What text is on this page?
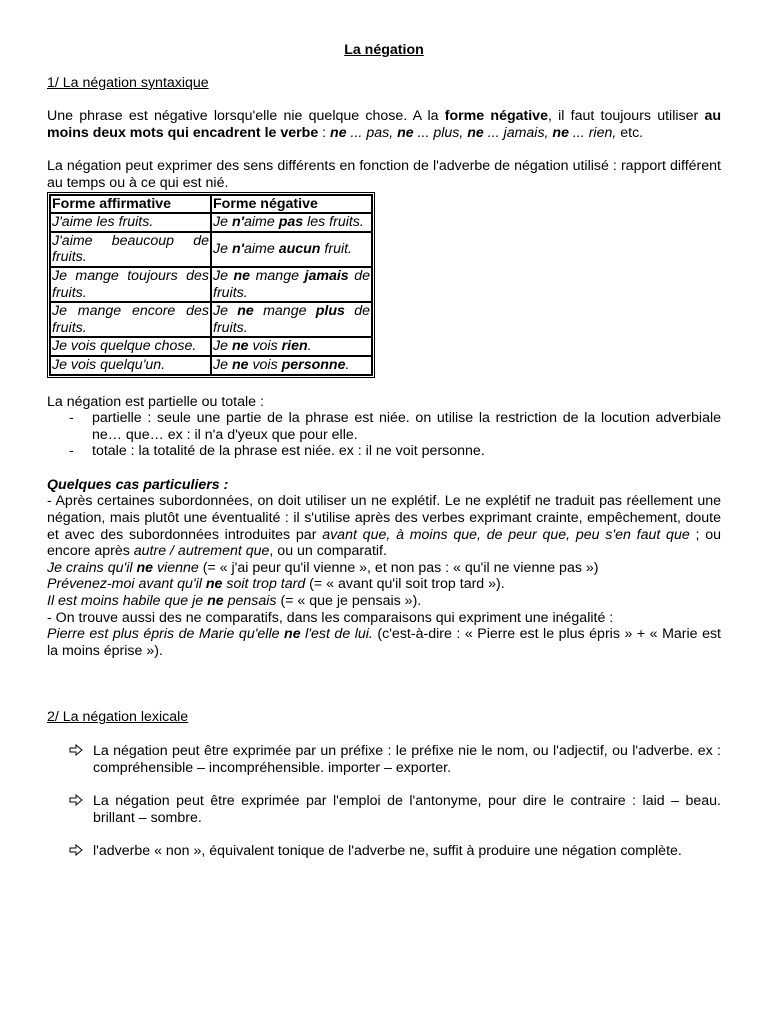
La négation

1/ La négation syntaxique

Une phrase est négative lorsqu'elle nie quelque chose. A la forme négative, il faut toujours utiliser au moins deux mots qui encadrent le verbe : ne ... pas, ne ... plus, ne ... jamais, ne ... rien, etc.

La négation peut exprimer des sens différents en fonction de l'adverbe de négation utilisé : rapport différent au temps ou à ce qui est nié.

Forme affirmative	Forme négative
J'aime les fruits.	Je n'aime pas les fruits.
J'aime beaucoup de fruits.	Je n'aime aucun fruit.
Je mange toujours des fruits.	Je ne mange jamais de fruits.
Je mange encore des fruits.	Je ne mange plus de fruits.
Je vois quelque chose.	Je ne vois rien.
Je vois quelqu'un.	Je ne vois personne.

La négation est partielle ou totale :

- partielle : seule une partie de la phrase est niée. on utilise la restriction de la locution adverbiale ne… que… ex : il n'a d'yeux que pour elle.
- totale : la totalité de la phrase est niée. ex : il ne voit personne.

Quelques cas particuliers :

- Après certaines subordonnées, on doit utiliser un ne explétif. Le ne explétif ne traduit pas réellement une négation, mais plutôt une éventualité : il s'utilise après des verbes exprimant crainte, empêchement, doute et avec des subordonnées introduites par avant que, à moins que, de peur que, peu s'en faut que ; ou encore après autre / autrement que, ou un comparatif.

Je crains qu'il ne vienne (= « j'ai peur qu'il vienne », et non pas : « qu'il ne vienne pas »)

Prévenez-moi avant qu'il ne soit trop tard (= « avant qu'il soit trop tard »).

Il est moins habile que je ne pensais (= « que je pensais »).

- On trouve aussi des ne comparatifs, dans les comparaisons qui expriment une inégalité :

Pierre est plus épris de Marie qu'elle ne l'est de lui. (c'est-à-dire : « Pierre est le plus épris » + « Marie est la moins éprise »).

2/ La négation lexicale

La négation peut être exprimée par un préfixe : le préfixe nie le nom, ou l'adjectif, ou l'adverbe. ex : compréhensible – incompréhensible. importer – exporter.
La négation peut être exprimée par l'emploi de l'antonyme, pour dire le contraire : laid – beau. brillant – sombre.
l'adverbe « non », équivalent tonique de l'adverbe ne, suffit à produire une négation complète.
